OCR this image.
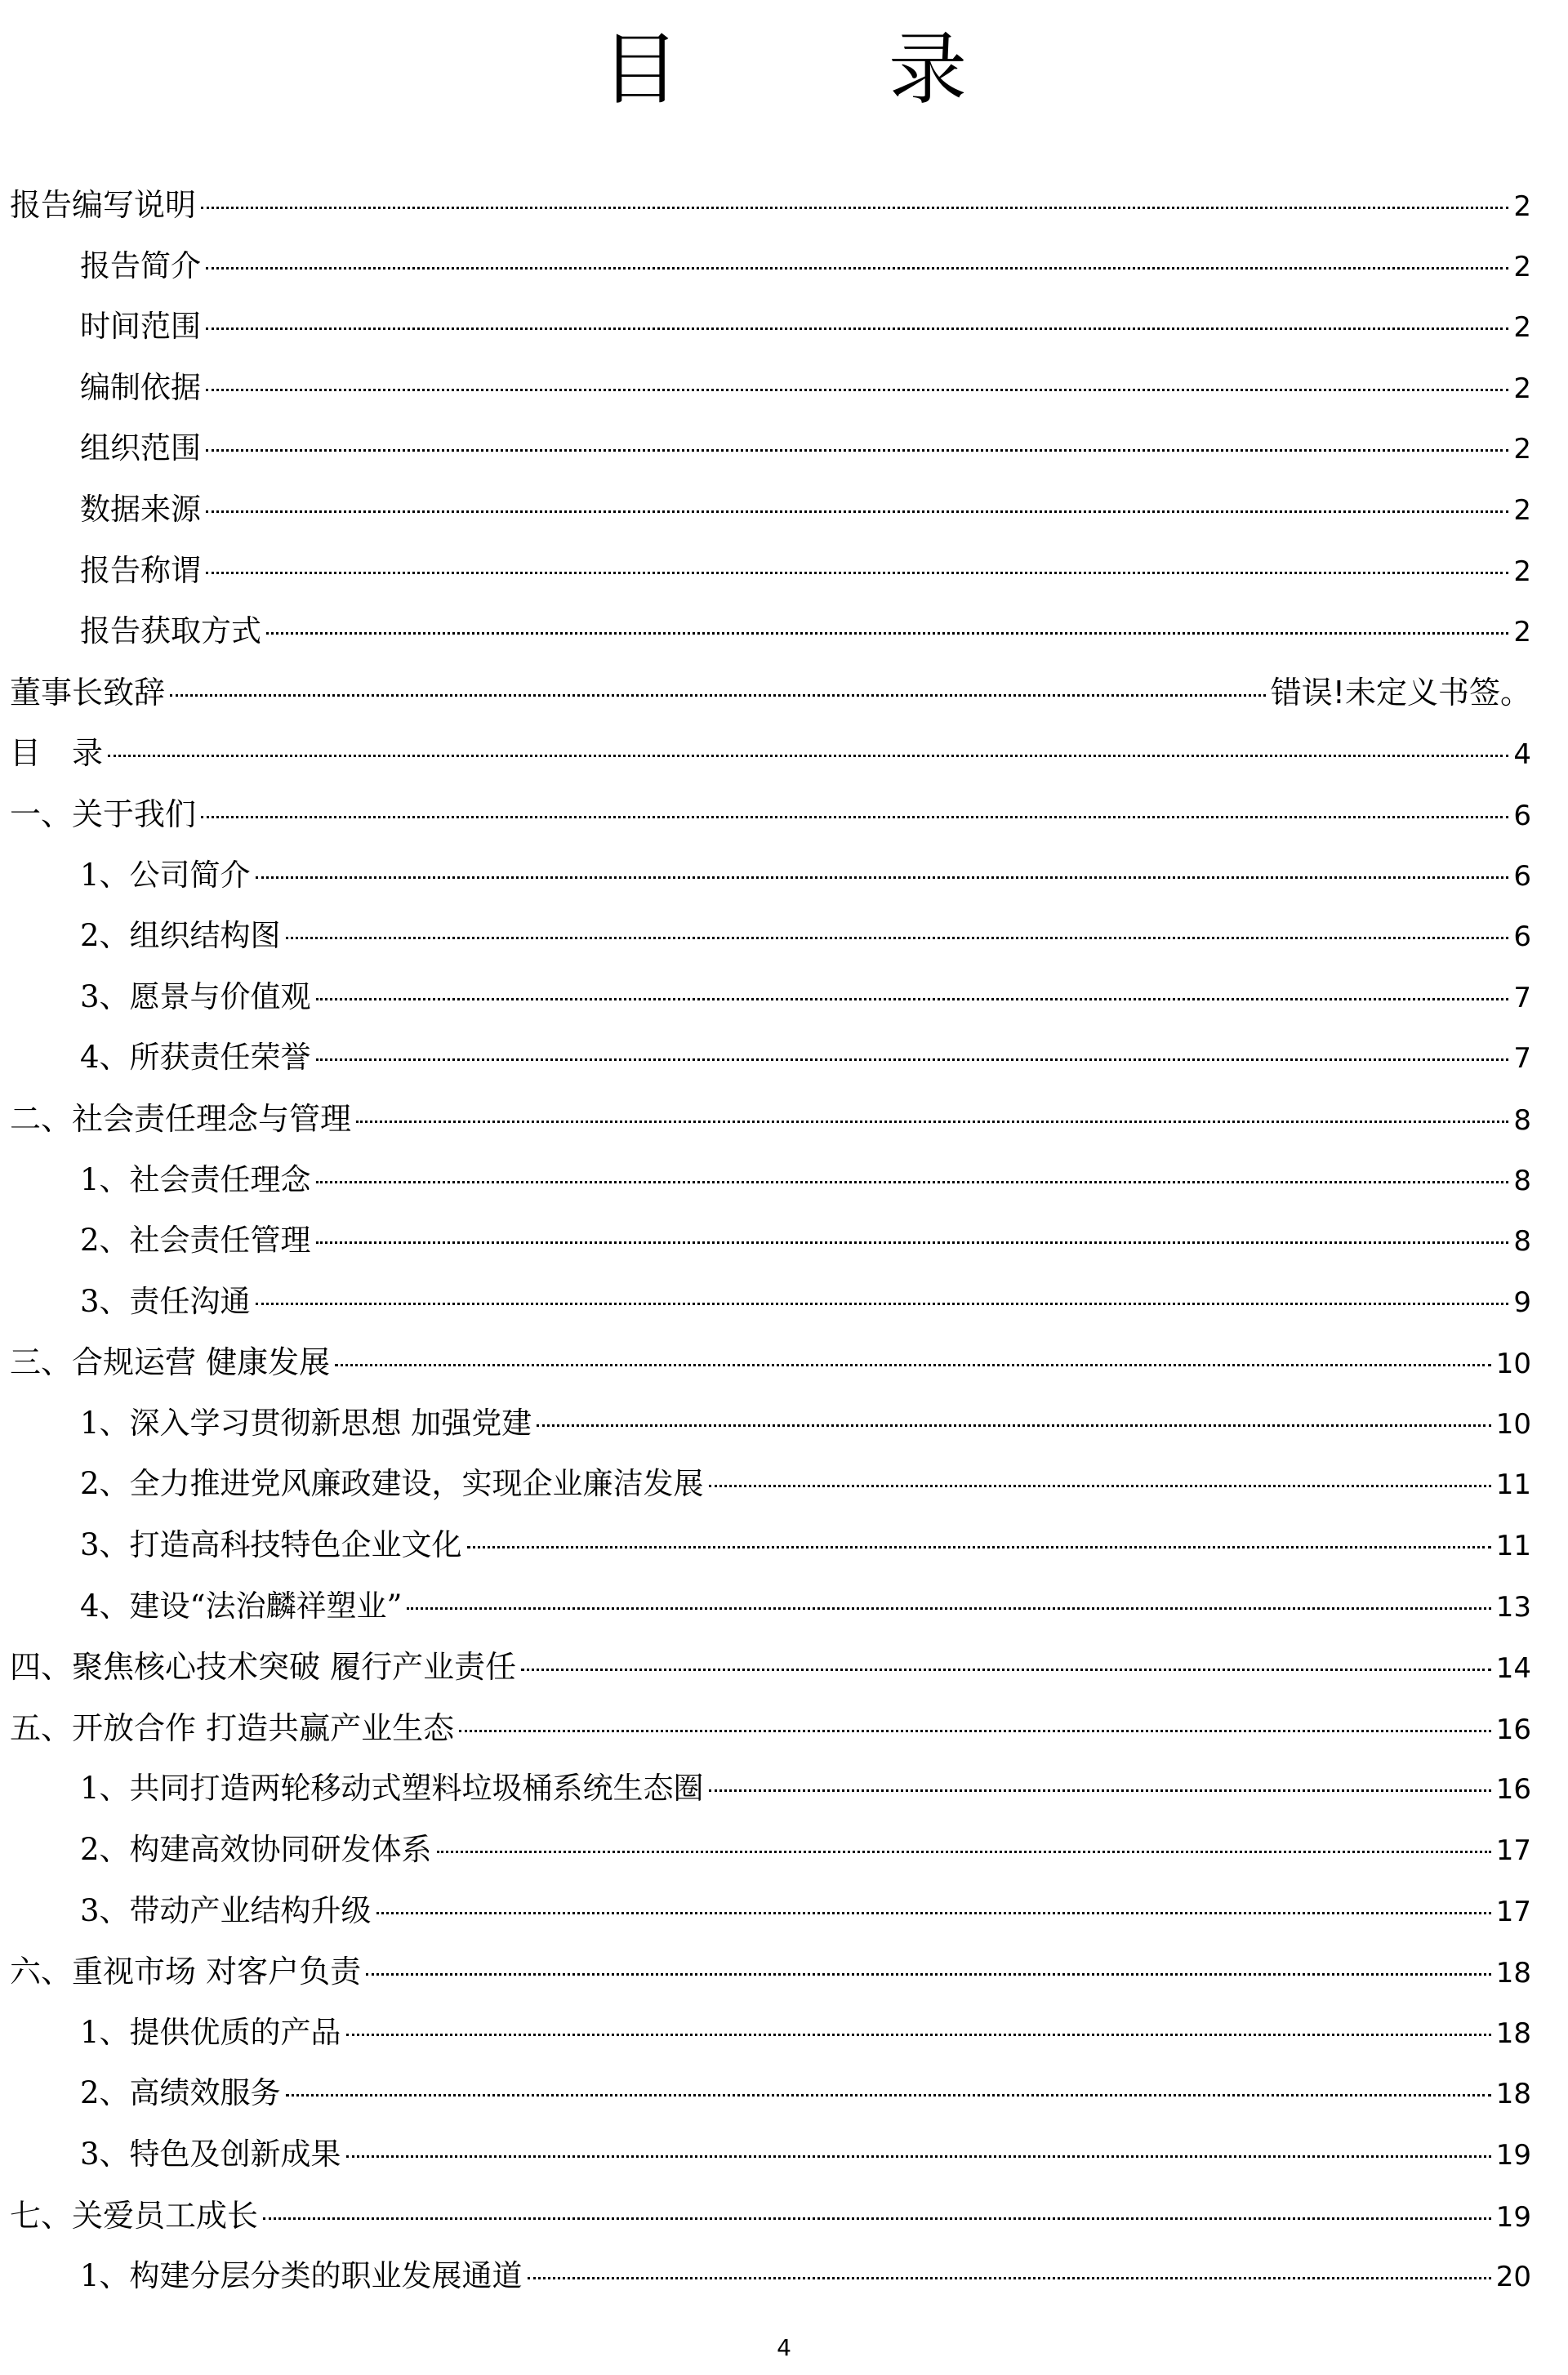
目　录
报告编写说明	2
报告简介	2
时间范围	2
编制依据	2
组织范围	2
数据来源	2
报告称谓	2
报告获取方式	2
董事长致辞	错误!未定义书签。
目　录	4
一、关于我们	6
1、公司简介	6
2、组织结构图	6
3、愿景与价值观	7
4、所获责任荣誉	7
二、社会责任理念与管理	8
1、社会责任理念	8
2、社会责任管理	8
3、责任沟通	9
三、合规运营 健康发展	10
1、深入学习贯彻新思想 加强党建	10
2、全力推进党风廉政建设，实现企业廉洁发展	11
3、打造高科技特色企业文化	11
4、建设“法治麟祥塑业”	13
四、聚焦核心技术突破 履行产业责任	14
五、开放合作 打造共赢产业生态	16
1、共同打造两轮移动式塑料垃圾桶系统生态圈	16
2、构建高效协同研发体系	17
3、带动产业结构升级	17
六、重视市场 对客户负责	18
1、提供优质的产品	18
2、高绩效服务	18
3、特色及创新成果	19
七、关爱员工成长	19
1、构建分层分类的职业发展通道	20
4
